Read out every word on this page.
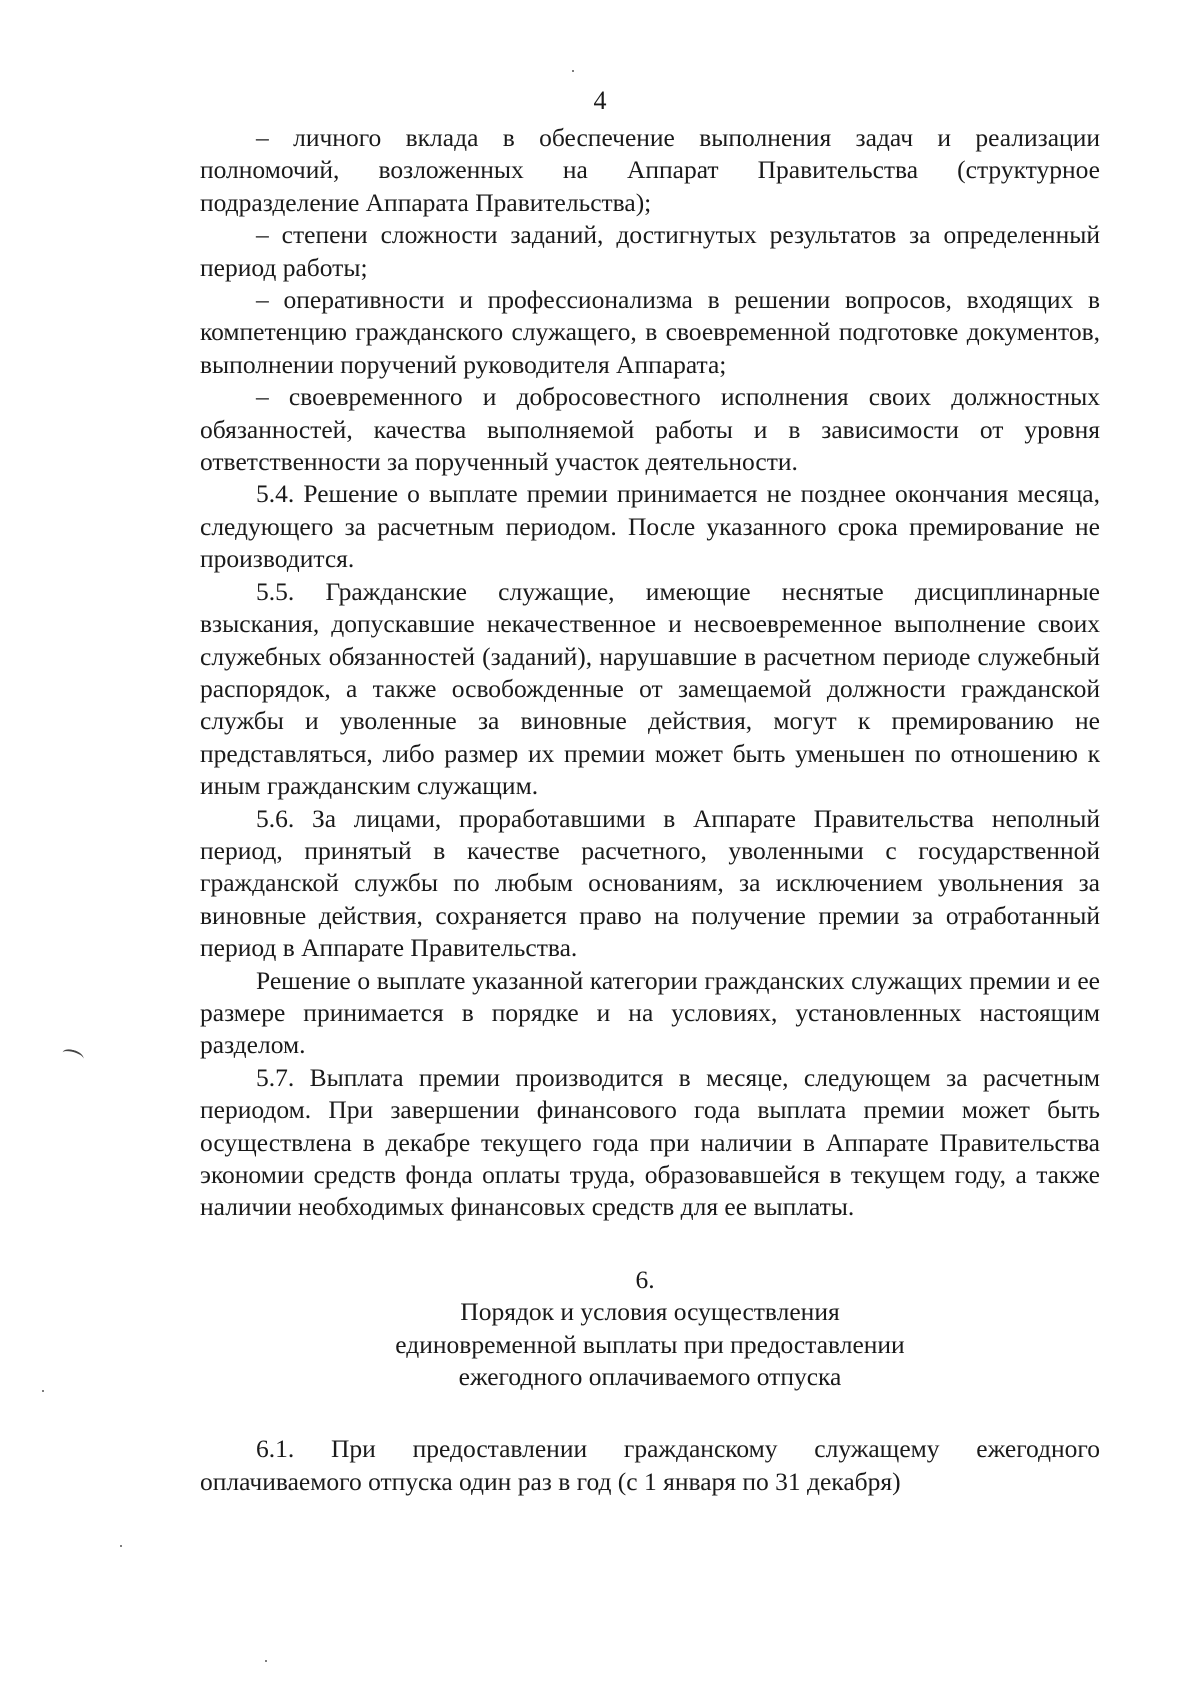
4

– личного вклада в обеспечение выполнения задач и реализации полномочий, возложенных на Аппарат Правительства (структурное подразделение Аппарата Правительства);

– степени сложности заданий, достигнутых результатов за определенный период работы;

– оперативности и профессионализма в решении вопросов, входящих в компетенцию гражданского служащего, в своевременной подготовке документов, выполнении поручений руководителя Аппарата;

– своевременного и добросовестного исполнения своих должностных обязанностей, качества выполняемой работы и в зависимости от уровня ответственности за порученный участок деятельности.

5.4. Решение о выплате премии принимается не позднее окончания месяца, следующего за расчетным периодом. После указанного срока премирование не производится.

5.5. Гражданские служащие, имеющие неснятые дисциплинарные взыскания, допускавшие некачественное и несвоевременное выполнение своих служебных обязанностей (заданий), нарушавшие в расчетном периоде служебный распорядок, а также освобожденные от замещаемой должности гражданской службы и уволенные за виновные действия, могут к премированию не представляться, либо размер их премии может быть уменьшен по отношению к иным гражданским служащим.

5.6. За лицами, проработавшими в Аппарате Правительства неполный период, принятый в качестве расчетного, уволенными с государственной гражданской службы по любым основаниям, за исключением увольнения за виновные действия, сохраняется право на получение премии за отработанный период в Аппарате Правительства.

Решение о выплате указанной категории гражданских служащих премии и ее размере принимается в порядке и на условиях, установленных настоящим разделом.

5.7. Выплата премии производится в месяце, следующем за расчетным периодом. При завершении финансового года выплата премии может быть осуществлена в декабре текущего года при наличии в Аппарате Правительства экономии средств фонда оплаты труда, образовавшейся в текущем году, а также наличии необходимых финансовых средств для ее выплаты.

6.
Порядок и условия осуществления
единовременной выплаты при предоставлении
ежегодного оплачиваемого отпуска

6.1. При предоставлении гражданскому служащему ежегодного оплачиваемого отпуска один раз в год (с 1 января по 31 декабря)
